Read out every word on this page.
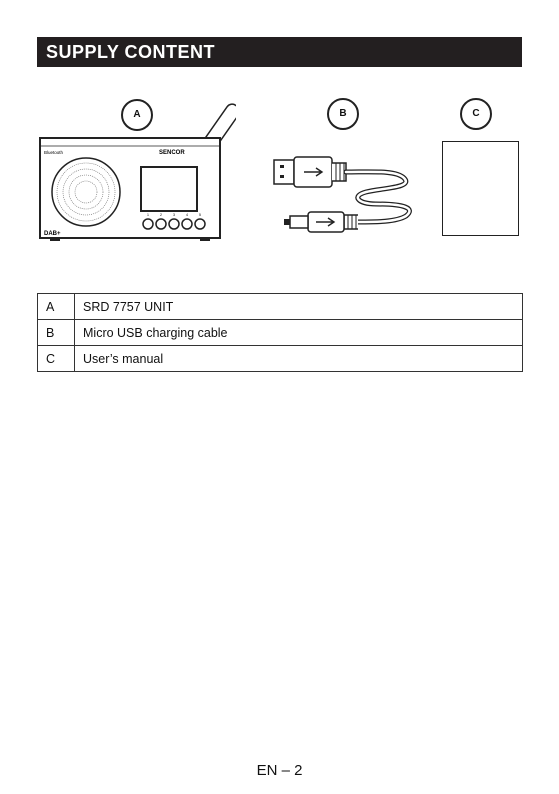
SUPPLY CONTENT
A	B	C
Bluetooth	SENCOR
DAB+
1	2	3	4	5
A	SRD 7757 UNIT
B	Micro USB charging cable
C	User’s manual
EN – 2
